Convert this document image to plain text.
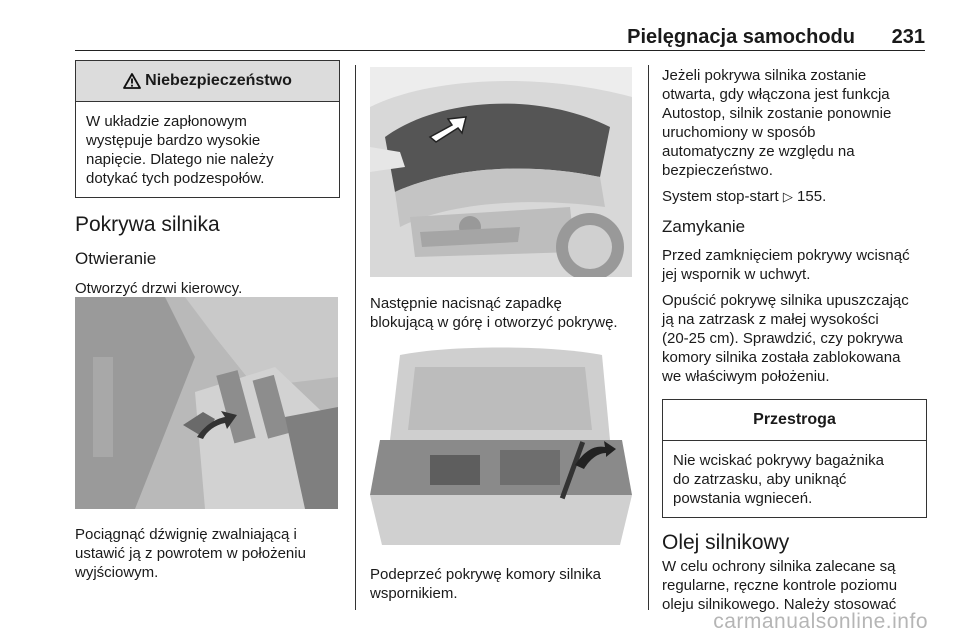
Pielęgnacja samochodu 231
Niebezpieczeństwo
W układzie zapłonowym
występuje bardzo wysokie
napięcie. Dlatego nie należy
dotykać tych podzespołów.
Pokrywa silnika
Otwieranie

Otworzyć drzwi kierowcy.

Pociągnąć dźwignię zwalniającą i

ustawić ją z powrotem w położeniu

wyjściowym.

Następnie nacisnąć zapadkę

blokującą w górę i otworzyć pokrywę.

Podeprzeć pokrywę komory silnika

wspornikiem.

Jeżeli pokrywa silnika zostanie

otwarta, gdy włączona jest funkcja

Autostop, silnik zostanie ponownie

uruchomiony w sposób

automatyczny ze względu na

bezpieczeństwo.

System stop-start ▷ 155.

Zamykanie

Przed zamknięciem pokrywy wcisnąć

jej wspornik w uchwyt.

Opuścić pokrywę silnika upuszczając

ją na zatrzask z małej wysokości

(20-25 cm). Sprawdzić, czy pokrywa

komory silnika została zablokowana

we właściwym położeniu.

Przestroga
Nie wciskać pokrywy bagażnika
do zatrzasku, aby uniknąć
powstania wgnieceń.
Olej silnikowy

W celu ochrony silnika zalecane są

regularne, ręczne kontrole poziomu

oleju silnikowego. Należy stosować

carmanualsonline.info
